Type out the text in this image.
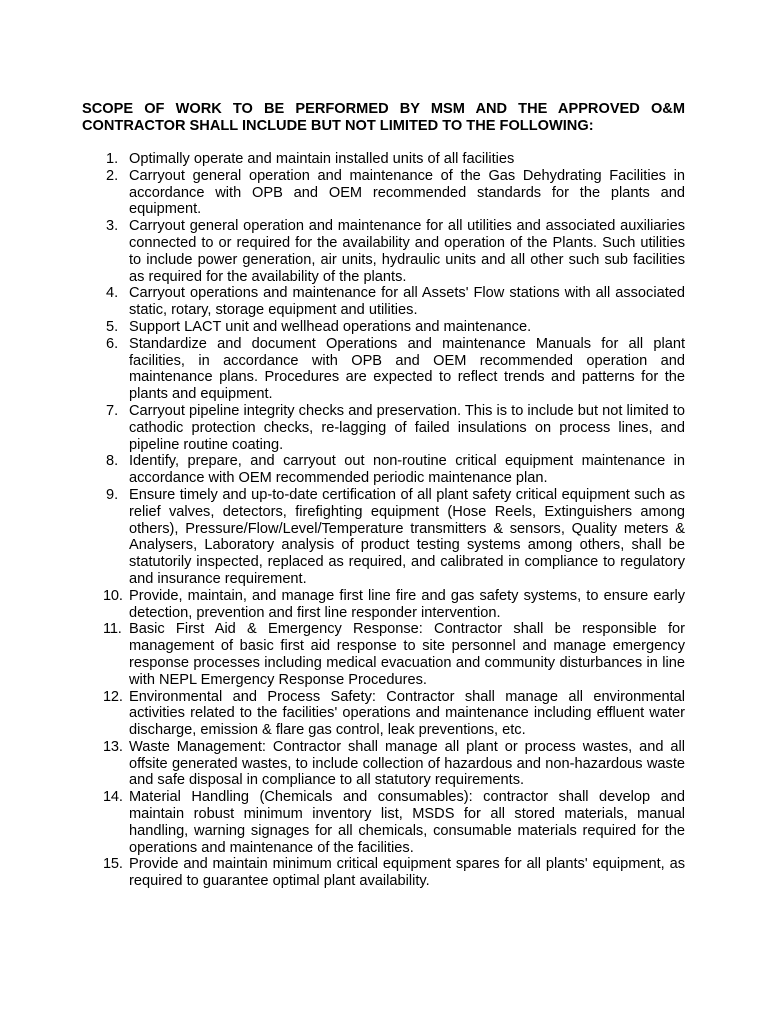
SCOPE OF WORK TO BE PERFORMED BY MSM AND THE APPROVED O&M CONTRACTOR SHALL INCLUDE BUT NOT LIMITED TO THE FOLLOWING:

1. Optimally operate and maintain installed units of all facilities
2. Carryout general operation and maintenance of the Gas Dehydrating Facilities in accordance with OPB and OEM recommended standards for the plants and equipment.
3. Carryout general operation and maintenance for all utilities and associated auxiliaries connected to or required for the availability and operation of the Plants. Such utilities to include power generation, air units, hydraulic units and all other such sub facilities as required for the availability of the plants.
4. Carryout operations and maintenance for all Assets' Flow stations with all associated static, rotary, storage equipment and utilities.
5. Support LACT unit and wellhead operations and maintenance.
6. Standardize and document Operations and maintenance Manuals for all plant facilities, in accordance with OPB and OEM recommended operation and maintenance plans. Procedures are expected to reflect trends and patterns for the plants and equipment.
7. Carryout pipeline integrity checks and preservation. This is to include but not limited to cathodic protection checks, re-lagging of failed insulations on process lines, and pipeline routine coating.
8. Identify, prepare, and carryout out non-routine critical equipment maintenance in accordance with OEM recommended periodic maintenance plan.
9. Ensure timely and up-to-date certification of all plant safety critical equipment such as relief valves, detectors, firefighting equipment (Hose Reels, Extinguishers among others), Pressure/Flow/Level/Temperature transmitters & sensors, Quality meters & Analysers, Laboratory analysis of product testing systems among others, shall be statutorily inspected, replaced as required, and calibrated in compliance to regulatory and insurance requirement.
10. Provide, maintain, and manage first line fire and gas safety systems, to ensure early detection, prevention and first line responder intervention.
11. Basic First Aid & Emergency Response: Contractor shall be responsible for management of basic first aid response to site personnel and manage emergency response processes including medical evacuation and community disturbances in line with NEPL Emergency Response Procedures.
12. Environmental and Process Safety: Contractor shall manage all environmental activities related to the facilities' operations and maintenance including effluent water discharge, emission & flare gas control, leak preventions, etc.
13. Waste Management: Contractor shall manage all plant or process wastes, and all offsite generated wastes, to include collection of hazardous and non-hazardous waste and safe disposal in compliance to all statutory requirements.
14. Material Handling (Chemicals and consumables): contractor shall develop and maintain robust minimum inventory list, MSDS for all stored materials, manual handling, warning signages for all chemicals, consumable materials required for the operations and maintenance of the facilities.
15. Provide and maintain minimum critical equipment spares for all plants' equipment, as required to guarantee optimal plant availability.
